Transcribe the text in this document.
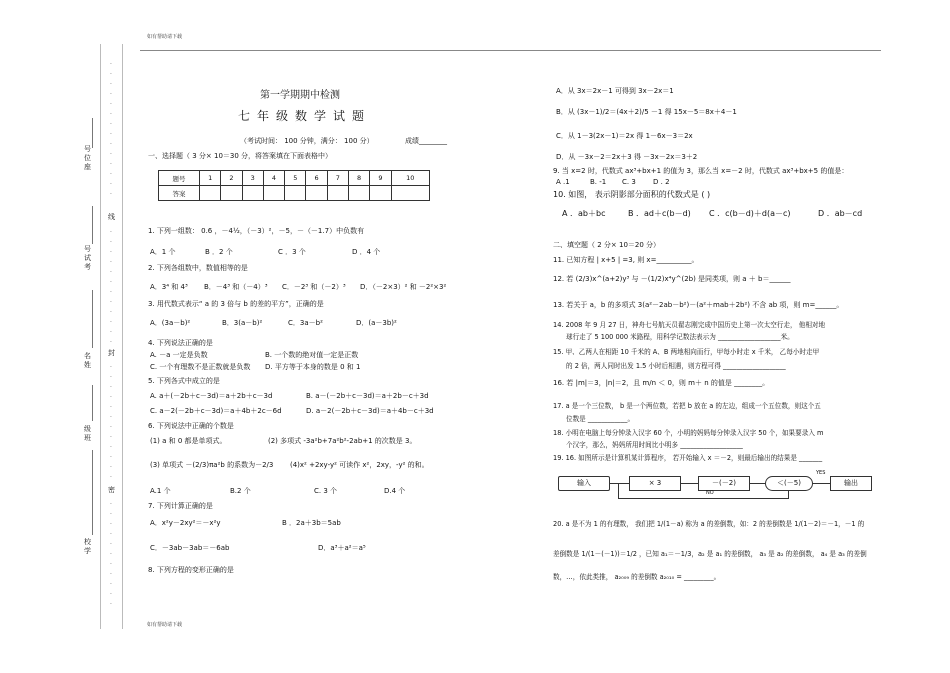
如有帮助请下载
如有帮助请下载
·
·
·
·
·
·
·
·
·
·
·
·
·
·
线
·
·
·
·
·
·
·
·
·
·
·
·
封
·
·
·
·
·
·
·
·
·
·
·
·
密
·
·
·
·
·
·
·
·
·
·
·
号位座
号试考
名姓
级班
校学
第一学期期中检测
七年级数学试题
（考试时间： 100 分钟，满分： 100 分）	成绩________
一、选择题（ 3 分× 10＝30 分，将答案填在下面表格中）
题号	1	2	3	4	5	6	7	8	9	10
答案										
1. 下列一组数： 0.6 ，－4½，（－3）²，－5，－（－1.7）中负数有
A．1 个	B ．2 个	C ．3 个	D ．4 个
2. 下列各组数中，数值相等的是
A．3⁴ 和 4³ B．－4³ 和（－4）³ C．－2³ 和（－2）³ D．（－2×3）² 和 －2²×3²
3. 用代数式表示“ a 的 3 倍与 b 的差的平方”，正确的是
A．(3a－b)²	B．3(a－b)²	C．3a－b²	D．(a－3b)²
4. 下列说法正确的是
A. －a 一定是负数	B. 一个数的绝对值一定是正数
C. 一个有理数不是正数就是负数 D. 平方等于本身的数是 0 和 1
5. 下列各式中成立的是
A. a＋(－2b＋c－3d)＝a＋2b＋c－3d	B. a－(－2b＋c－3d)＝a＋2b－c＋3d
C. a－2(－2b＋c－3d)＝a＋4b＋2c－6d	D. a－2(－2b＋c－3d)＝a＋4b－c＋3d
6. 下列说法中正确的个数是
(1) a 和 0 都是单项式。	(2) 多项式 -3a²b+7a²b²-2ab+1 的次数是 3。
(3) 单项式 －(2/3)πa²b 的系数为－2/3 (4)x² +2xy-y² 可读作 x²，2xy，-y² 的和。
A.1 个	B.2 个	C. 3 个	D.4 个
7. 下列计算正确的是
A．x²y－2xy²＝－x²y	B ．2a＋3b＝5ab
C．－3ab－3ab＝－6ab	D．a³＋a²＝a⁵
8. 下列方程的变形正确的是
A．从 3x＝2x－1 可得到 3x－2x＝1
B．从 (3x－1)/2＝(4x＋2)/5 －1 得 15x－5＝8x＋4－1
C．从 1－3(2x－1)＝2x 得 1－6x－3＝2x
D．从 －3x－2＝2x＋3 得 －3x－2x＝3＋2
9. 当 x=2 时，代数式 ax³+bx+1 的值为 3，那么当 x=－2 时，代数式 ax³+bx+5 的值是：
A .1	B. -1 C. 3 D . 2
10. 如图， 表示阴影部分面积的代数式是 ( )
A ．ab＋bc	B ．ad＋c(b－d) C ．c(b－d)＋d(a－c)	D ．ab－cd
二、填空题（ 2 分× 10＝20 分）
11. 已知方程 | x+5 | =3, 则 x=__________。
12. 若 (2/3)x^(a+2)y³ 与 －(1/2)x⁴y^(2b) 是同类项，则 a ＋ b＝______
13. 若关于 a，b 的多项式 3(a²－2ab－b²)－(a²＋mab＋2b²) 不含 ab 项，则 m=______。
14. 2008 年 9 月 27 日，神舟七号航天员翟志刚完成中国历史上第一次太空行走， 他相对地
球行走了 5 100 000 米路程，用科学记数法表示为 ___________________米。
15. 甲、乙两人在相距 10 千米的 A、B 两地相向而行，甲每小时走 x 千米， 乙每小时走甲
的 2 倍，两人同时出发 1.5 小时后相遇，则方程可得 ___________________
16. 若 |m|＝3，|n|＝2，且 m/n ＜ 0，则 m＋ n 的值是 ________。
17. a 是一个三位数， b 是一个两位数，若把 b 放在 a 的左边，组成一个五位数，则这个五
位数是 ____________。
18. 小明在电脑上每分钟录入汉字 60 个，小明的妈妈每分钟录入汉字 50 个，如果要录入 m
个汉字，那么，妈妈所用时间比小明多 ___________________
19. 16. 如图所示是计算机某计算程序， 若开始输入 x ＝－2，则最后输出的结果是 _______
输入	× 3	－(－2)	＜(－5)
YES
输出
NO
20. a 是不为 1 的有理数， 我们把 1/(1－a) 称为 a 的差倒数，如：2 的差倒数是 1/(1－2)＝－1，－1 的
差倒数是 1/(1－(－1))＝1/2 ，已知 a₁＝－1/3，a₂ 是 a₁ 的差倒数， a₃ 是 a₂ 的差倒数， a₄ 是 a₃ 的差倒
数，…，依此类推， a₂₀₀₉ 的差倒数 a₂₀₁₀ = _________。
